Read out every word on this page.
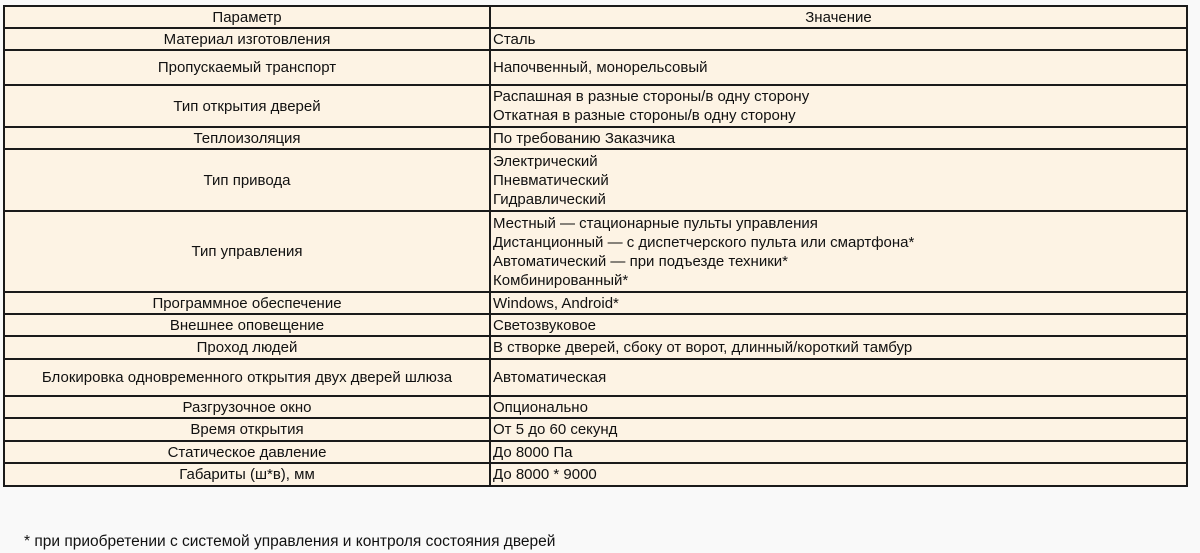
Параметр	Значение
Материал изготовления	Сталь

Пропускаемый транспорт	Напочвенный, монорельсовый

Тип открытия дверей	Распашная в разные стороны/в одну сторону
Откатная в разные стороны/в одну сторону

Теплоизоляция	По требованию Заказчика

Тип привода	Электрический
Пневматический
Гидравлический

Тип управления	Местный — стационарные пульты управления
Дистанционный — с диспетчерского пульта или смартфона*
Автоматический — при подъезде техники*
Комбинированный*

Программное обеспечение	Windows, Android*

Внешнее оповещение	Светозвуковое

Проход людей	В створке дверей, сбоку от ворот, длинный/короткий тамбур

Блокировка одновременного открытия двух дверей шлюза	Автоматическая

Разгрузочное окно	Опционально

Время открытия	От 5 до 60 секунд

Статическое давление	До 8000 Па

Габариты (ш*в), мм	До 8000 * 9000
* при приобретении с системой управления и контроля состояния дверей
